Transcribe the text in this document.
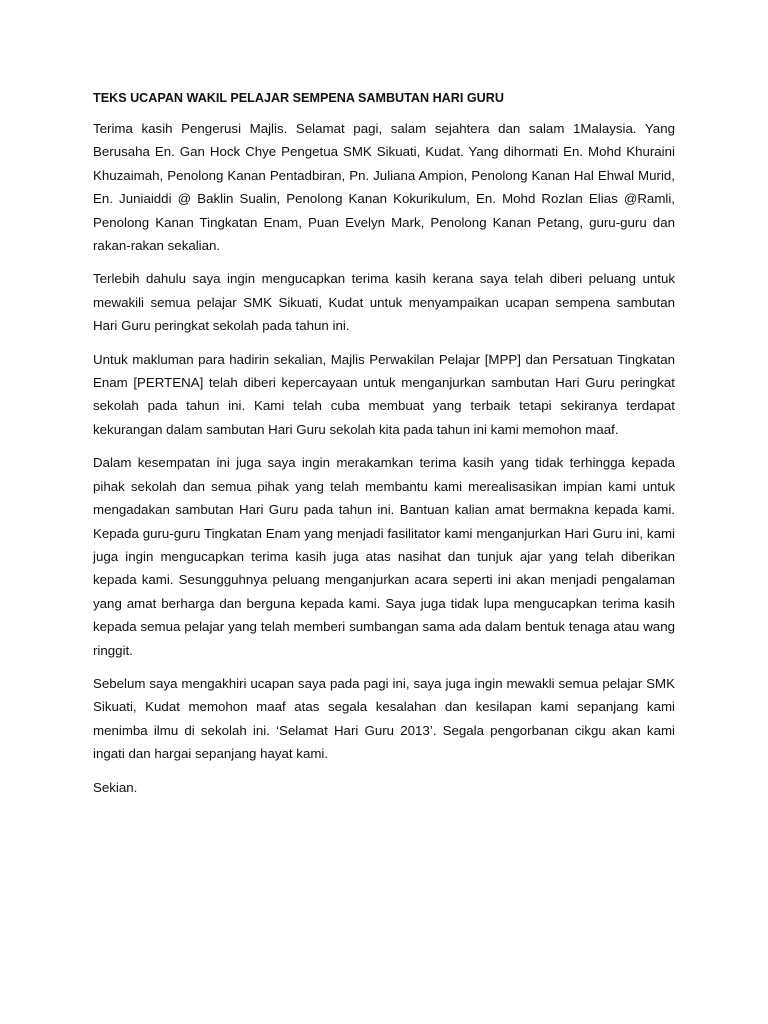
TEKS UCAPAN WAKIL PELAJAR SEMPENA SAMBUTAN HARI GURU

Terima kasih Pengerusi Majlis. Selamat pagi, salam sejahtera dan salam 1Malaysia. Yang Berusaha En. Gan Hock Chye Pengetua SMK Sikuati, Kudat. Yang dihormati En. Mohd Khuraini Khuzaimah, Penolong Kanan Pentadbiran, Pn. Juliana Ampion, Penolong Kanan Hal Ehwal Murid, En. Juniaiddi @ Baklin Sualin, Penolong Kanan Kokurikulum, En. Mohd Rozlan Elias @Ramli, Penolong Kanan Tingkatan Enam, Puan Evelyn Mark, Penolong Kanan Petang, guru-guru dan rakan-rakan sekalian.

Terlebih dahulu saya ingin mengucapkan terima kasih kerana saya telah diberi peluang untuk mewakili semua pelajar SMK Sikuati, Kudat untuk menyampaikan ucapan sempena sambutan Hari Guru peringkat sekolah pada tahun ini.

Untuk makluman para hadirin sekalian, Majlis Perwakilan Pelajar [MPP] dan Persatuan Tingkatan Enam [PERTENA] telah diberi kepercayaan untuk menganjurkan sambutan Hari Guru peringkat sekolah pada tahun ini. Kami telah cuba membuat yang terbaik tetapi sekiranya terdapat kekurangan dalam sambutan Hari Guru sekolah kita pada tahun ini kami memohon maaf.

Dalam kesempatan ini juga saya ingin merakamkan terima kasih yang tidak terhingga kepada pihak sekolah dan semua pihak yang telah membantu kami merealisasikan impian kami untuk mengadakan sambutan Hari Guru pada tahun ini. Bantuan kalian amat bermakna kepada kami. Kepada guru-guru Tingkatan Enam yang menjadi fasilitator kami menganjurkan Hari Guru ini, kami juga ingin mengucapkan terima kasih juga atas nasihat dan tunjuk ajar yang telah diberikan kepada kami. Sesungguhnya peluang menganjurkan acara seperti ini akan menjadi pengalaman yang amat berharga dan berguna kepada kami. Saya juga tidak lupa mengucapkan terima kasih kepada semua pelajar yang telah memberi sumbangan sama ada dalam bentuk tenaga atau wang ringgit.

Sebelum saya mengakhiri ucapan saya pada pagi ini, saya juga ingin mewakli semua pelajar SMK Sikuati, Kudat memohon maaf atas segala kesalahan dan kesilapan kami sepanjang kami menimba ilmu di sekolah ini. ‘Selamat Hari Guru 2013’. Segala pengorbanan cikgu akan kami ingati dan hargai sepanjang hayat kami.

Sekian.
